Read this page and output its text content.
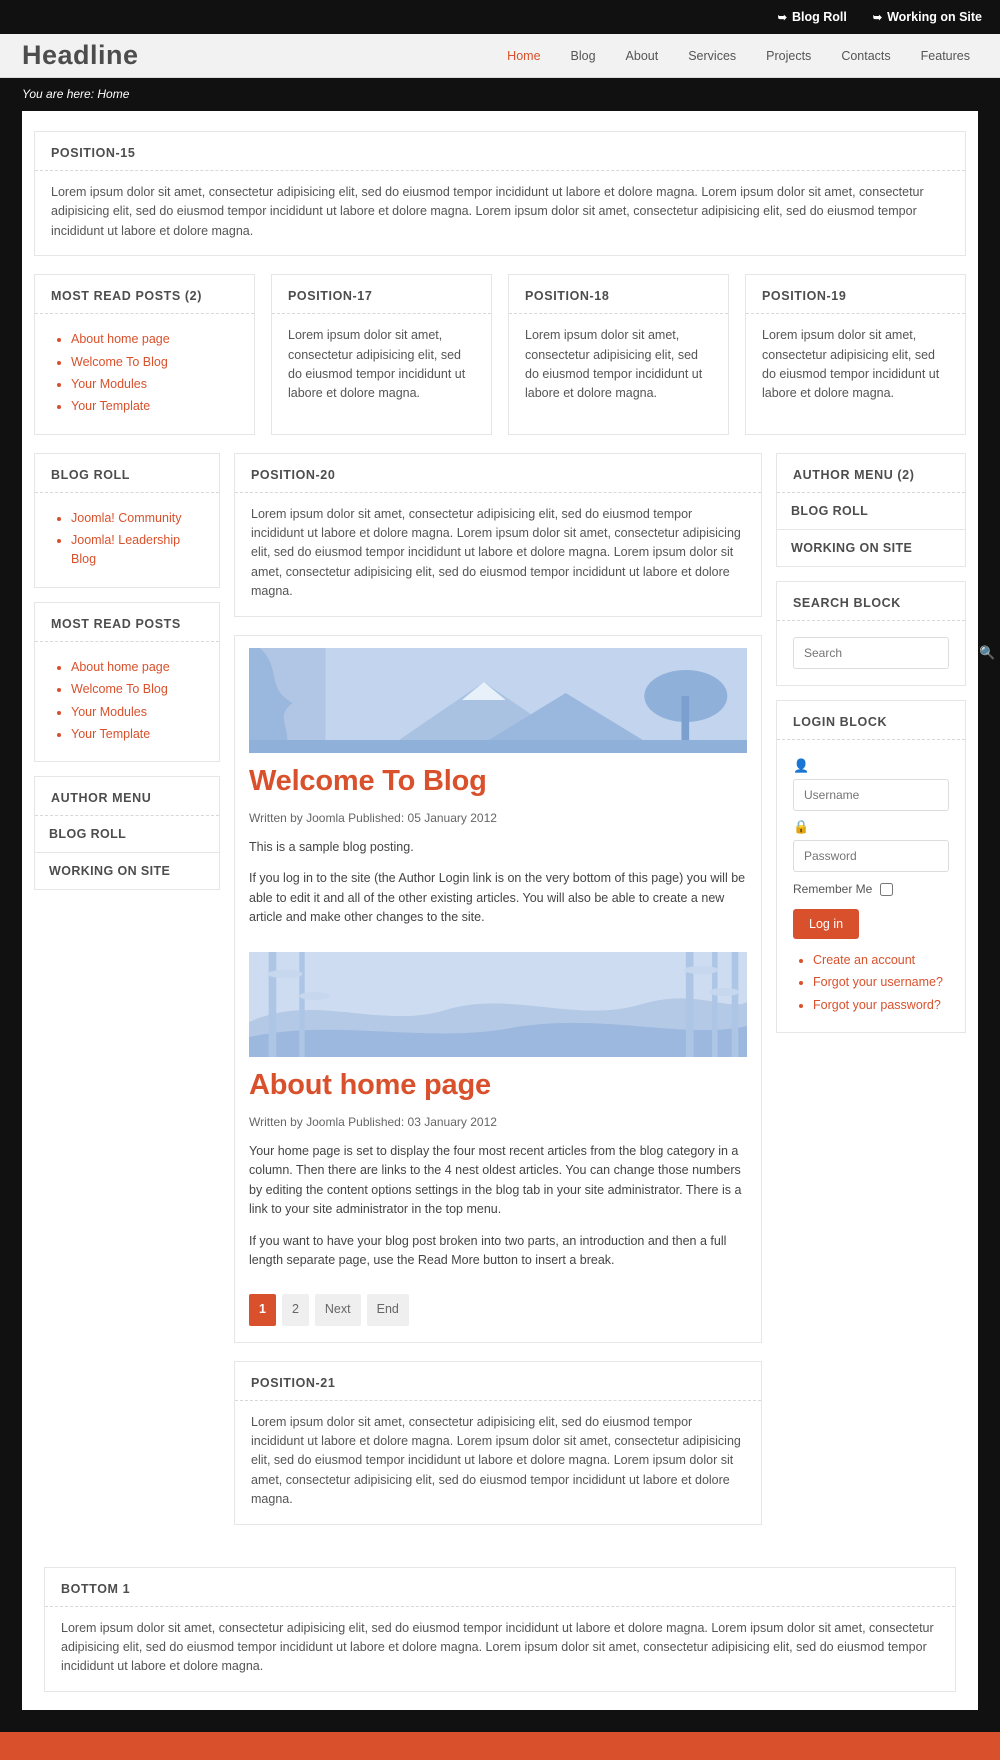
➥ Blog Roll ➥ Working on Site
Headline	Home	Blog	About	Services	Projects	Contacts	Features
You are here: Home
POSITION-15

Lorem ipsum dolor sit amet, consectetur adipisicing elit, sed do eiusmod tempor incididunt ut labore et dolore magna. Lorem ipsum dolor sit amet, consectetur adipisicing elit, sed do eiusmod tempor incididunt ut labore et dolore magna. Lorem ipsum dolor sit amet, consectetur adipisicing elit, sed do eiusmod tempor incididunt ut labore et dolore magna.

MOST READ POSTS (2)
• About home page
• Welcome To Blog
• Your Modules
• Your Template
POSITION-17

Lorem ipsum dolor sit amet, consectetur adipisicing elit, sed do eiusmod tempor incididunt ut labore et dolore magna.

POSITION-18

Lorem ipsum dolor sit amet, consectetur adipisicing elit, sed do eiusmod tempor incididunt ut labore et dolore magna.

POSITION-19

Lorem ipsum dolor sit amet, consectetur adipisicing elit, sed do eiusmod tempor incididunt ut labore et dolore magna.

BLOG ROLL
• Joomla! Community
• Joomla! Leadership Blog
MOST READ POSTS
• About home page
• Welcome To Blog
• Your Modules
• Your Template
AUTHOR MENU
BLOG ROLL
WORKING ON SITE
POSITION-20

Lorem ipsum dolor sit amet, consectetur adipisicing elit, sed do eiusmod tempor incididunt ut labore et dolore magna. Lorem ipsum dolor sit amet, consectetur adipisicing elit, sed do eiusmod tempor incididunt ut labore et dolore magna. Lorem ipsum dolor sit amet, consectetur adipisicing elit, sed do eiusmod tempor incididunt ut labore et dolore magna.

Welcome To Blog
Written by Joomla Published: 05 January 2012

This is a sample blog posting.

If you log in to the site (the Author Login link is on the very bottom of this page) you will be able to edit it and all of the other existing articles. You will also be able to create a new article and make other changes to the site.

About home page
Written by Joomla Published: 03 January 2012

Your home page is set to display the four most recent articles from the blog category in a column. Then there are links to the 4 nest oldest articles. You can change those numbers by editing the content options settings in the blog tab in your site administrator. There is a link to your site administrator in the top menu.

If you want to have your blog post broken into two parts, an introduction and then a full length separate page, use the Read More button to insert a break.

1	2	Next	End
POSITION-21

Lorem ipsum dolor sit amet, consectetur adipisicing elit, sed do eiusmod tempor incididunt ut labore et dolore magna. Lorem ipsum dolor sit amet, consectetur adipisicing elit, sed do eiusmod tempor incididunt ut labore et dolore magna. Lorem ipsum dolor sit amet, consectetur adipisicing elit, sed do eiusmod tempor incididunt ut labore et dolore magna.

AUTHOR MENU (2)
BLOG ROLL
WORKING ON SITE
SEARCH BLOCK
Search
🔍
LOGIN BLOCK
👤
Username
🔒
Remember Me
Log in
• Create an account
• Forgot your username?
• Forgot your password?
BOTTOM 1

Lorem ipsum dolor sit amet, consectetur adipisicing elit, sed do eiusmod tempor incididunt ut labore et dolore magna. Lorem ipsum dolor sit amet, consectetur adipisicing elit, sed do eiusmod tempor incididunt ut labore et dolore magna. Lorem ipsum dolor sit amet, consectetur adipisicing elit, sed do eiusmod tempor incididunt ut labore et dolore magna.
